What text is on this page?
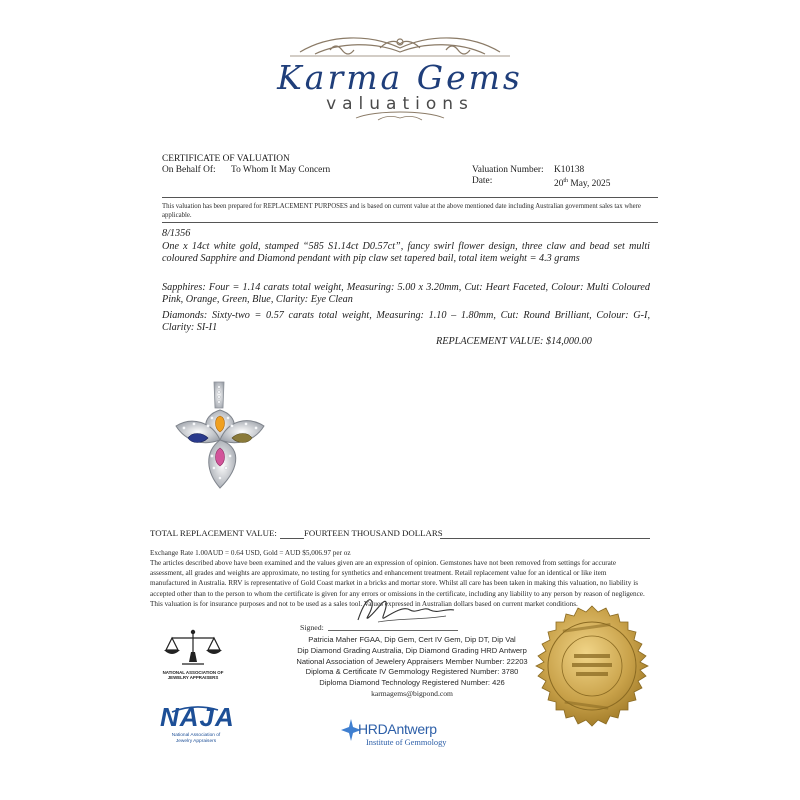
Karma Gems
valuations
CERTIFICATE OF VALUATION
On Behalf Of: To Whom It May Concern	Valuation Number: K10138
Date:	20th May, 2025
This valuation has been prepared for REPLACEMENT PURPOSES and is based on current value at the above mentioned date including Australian government sales tax where applicable.
8/1356
One x 14ct white gold, stamped “585 S1.14ct D0.57ct”, fancy swirl flower design, three claw and bead set multi coloured Sapphire and Diamond pendant with pip claw set tapered bail, total item weight = 4.3 grams
Sapphires: Four = 1.14 carats total weight, Measuring: 5.00 x 3.20mm, Cut: Heart Faceted, Colour: Multi Coloured Pink, Orange, Green, Blue, Clarity: Eye Clean
Diamonds: Sixty-two = 0.57 carats total weight, Measuring: 1.10 – 1.80mm, Cut: Round Brilliant, Colour: G-I, Clarity: SI-I1
REPLACEMENT VALUE: $14,000.00
TOTAL REPLACEMENT VALUE:	FOURTEEN THOUSAND DOLLARS
Exchange Rate 1.00AUD = 0.64 USD, Gold = AUD $5,006.97 per oz
The articles described above have been examined and the values given are an expression of opinion. Gemstones have not been removed from settings for accurate assessment, all grades and weights are approximate, no testing for synthetics and enhancement treatment. Retail replacement value for an identical or like item manufactured in Australia. RRV is representative of Gold Coast market in a bricks and mortar store. Whilst all care has been taken in making this valuation, no liability is accepted other than to the person to whom the certificate is given for any errors or omissions in the certificate, including any liability to any person by reason of negligence. This valuation is for insurance purposes and not to be used as a sales tool. Values expressed in Australian dollars based on current market conditions.
Signed:
Patricia Maher FGAA, Dip Gem, Cert IV Gem, Dip DT, Dip Val
Dip Diamond Grading Australia, Dip Diamond Grading HRD Antwerp
National Association of Jewelery Appraisers Member Number: 22203
Diploma & Certificate IV Gemmology Registered Number: 3780
Diploma Diamond Technology Registered Number: 426
karmagems@bigpond.com
NATIONAL ASSOCIATION OF JEWELRY APPRAISERS
NAJA
National Association of Jewelry Appraisers
HRDAntwerp
Institute of Gemmology
